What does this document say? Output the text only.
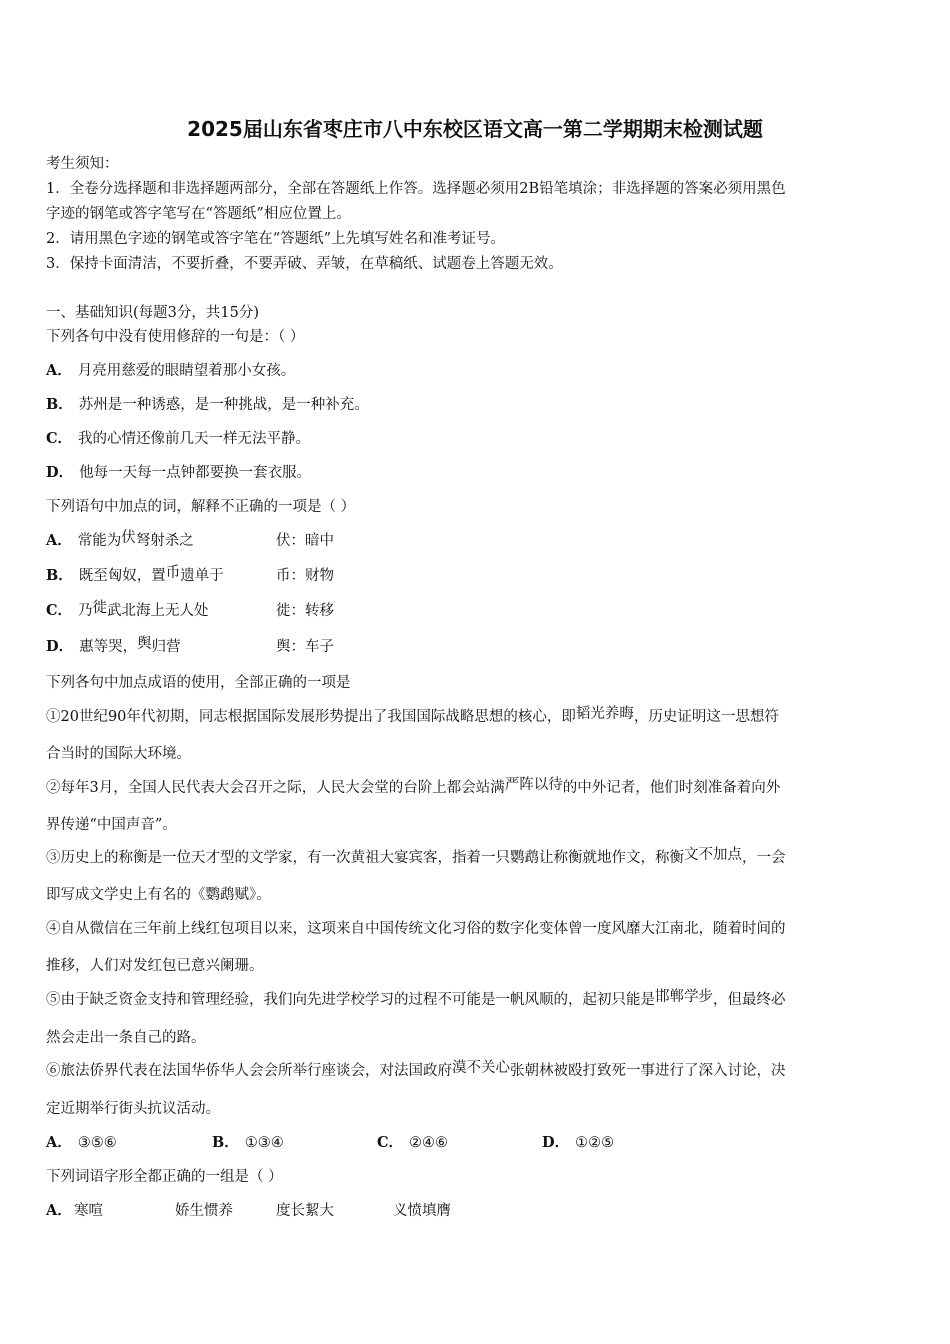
2025届山东省枣庄市八中东校区语文高一第二学期期末检测试题
考生须知：
1．全卷分选择题和非选择题两部分，全部在答题纸上作答。选择题必须用2B铅笔填涂；非选择题的答案必须用黑色
字迹的钢笔或答字笔写在“答题纸”相应位置上。
2．请用黑色字迹的钢笔或答字笔在“答题纸”上先填写姓名和准考证号。
3．保持卡面清洁，不要折叠，不要弄破、弄皱，在草稿纸、试题卷上答题无效。
一、基础知识(每题3分，共15分)
下列各句中没有使用修辞的一句是：（ ）
A． 月亮用慈爱的眼睛望着那小女孩。
B． 苏州是一种诱惑，是一种挑战，是一种补充。
C． 我的心情还像前几天一样无法平静。
D． 他每一天每一点钟都要换一套衣服。
下列语句中加点的词，解释不正确的一项是（ ）
A． 常能为伏弩射杀之	伏：暗中
B． 既至匈奴，置币遗单于	币：财物
C． 乃徙武北海上无人处	徙：转移
D． 惠等哭，舆归营	舆：车子
下列各句中加点成语的使用，全部正确的一项是
①20世纪90年代初期，同志根据国际发展形势提出了我国国际战略思想的核心，即韬光养晦，历史证明这一思想符
合当时的国际大环境。
②每年3月，全国人民代表大会召开之际，人民大会堂的台阶上都会站满严阵以待的中外记者，他们时刻准备着向外
界传递“中国声音”。
③历史上的称衡是一位天才型的文学家，有一次黄祖大宴宾客，指着一只鹦鹉让称衡就地作文，称衡文不加点，一会
即写成文学史上有名的《鹦鹉赋》。
④自从微信在三年前上线红包项目以来，这项来自中国传统文化习俗的数字化变体曾一度风靡大江南北，随着时间的
推移，人们对发红包已意兴阑珊。
⑤由于缺乏资金支持和管理经验，我们向先进学校学习的过程不可能是一帆风顺的，起初只能是邯郸学步，但最终必
然会走出一条自己的路。
⑥旅法侨界代表在法国华侨华人会会所举行座谈会，对法国政府漠不关心张朝林被殴打致死一事进行了深入讨论，决
定近期举行街头抗议活动。
A． ③⑤⑥	B． ①③④	C． ②④⑥	D． ①②⑤
下列词语字形全都正确的一组是（ ）
A． 寒喧	娇生惯养	度长絜大	义愤填膺
